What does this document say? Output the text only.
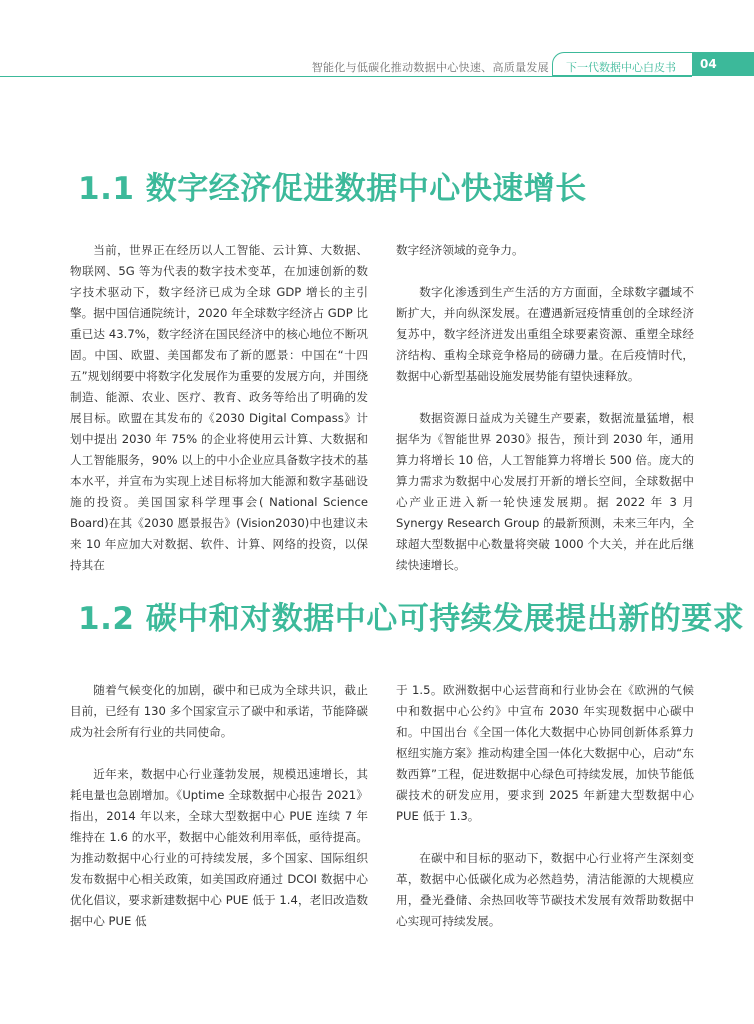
智能化与低碳化推动数据中心快速、高质量发展 下一代数据中心白皮书	04
1.1 数字经济促进数据中心快速增长

当前，世界正在经历以人工智能、云计算、大数据、物联网、5G 等为代表的数字技术变革，在加速创新的数字技术驱动下，数字经济已成为全球 GDP 增长的主引擎。据中国信通院统计，2020 年全球数字经济占 GDP 比重已达 43.7%，数字经济在国民经济中的核心地位不断巩固。中国、欧盟、美国都发布了新的愿景：中国在“十四五”规划纲要中将数字化发展作为重要的发展方向，并围绕制造、能源、农业、医疗、教育、政务等给出了明确的发展目标。欧盟在其发布的《2030 Digital Compass》计划中提出 2030 年 75% 的企业将使用云计算、大数据和人工智能服务，90% 以上的中小企业应具备数字技术的基本水平，并宣布为实现上述目标将加大能源和数字基础设施的投资。美国国家科学理事会( National Science Board)在其《2030 愿景报告》(Vision2030)中也建议未来 10 年应加大对数据、软件、计算、网络的投资，以保持其在

数字经济领域的竞争力。

数字化渗透到生产生活的方方面面，全球数字疆域不断扩大，并向纵深发展。在遭遇新冠疫情重创的全球经济复苏中，数字经济迸发出重组全球要素资源、重塑全球经济结构、重构全球竞争格局的磅礴力量。在后疫情时代，数据中心新型基础设施发展势能有望快速释放。

数据资源日益成为关键生产要素，数据流量猛增，根据华为《智能世界 2030》报告，预计到 2030 年，通用算力将增长 10 倍，人工智能算力将增长 500 倍。庞大的算力需求为数据中心发展打开新的增长空间，全球数据中心产业正进入新一轮快速发展期。据 2022 年 3 月 Synergy Research Group 的最新预测，未来三年内，全球超大型数据中心数量将突破 1000 个大关，并在此后继续快速增长。

1.2 碳中和对数据中心可持续发展提出新的要求

随着气候变化的加剧，碳中和已成为全球共识，截止目前，已经有 130 多个国家宣示了碳中和承诺，节能降碳成为社会所有行业的共同使命。

近年来，数据中心行业蓬勃发展，规模迅速增长，其耗电量也急剧增加。《Uptime 全球数据中心报告 2021》指出，2014 年以来，全球大型数据中心 PUE 连续 7 年维持在 1.6 的水平，数据中心能效利用率低，亟待提高。为推动数据中心行业的可持续发展，多个国家、国际组织发布数据中心相关政策，如美国政府通过 DCOI 数据中心优化倡议，要求新建数据中心 PUE 低于 1.4，老旧改造数据中心 PUE 低

于 1.5。欧洲数据中心运营商和行业协会在《欧洲的气候中和数据中心公约》中宣布 2030 年实现数据中心碳中和。中国出台《全国一体化大数据中心协同创新体系算力枢纽实施方案》推动构建全国一体化大数据中心，启动“东数西算”工程，促进数据中心绿色可持续发展，加快节能低碳技术的研发应用，要求到 2025 年新建大型数据中心 PUE 低于 1.3。

在碳中和目标的驱动下，数据中心行业将产生深刻变革，数据中心低碳化成为必然趋势，清洁能源的大规模应用，叠光叠储、余热回收等节碳技术发展有效帮助数据中心实现可持续发展。
